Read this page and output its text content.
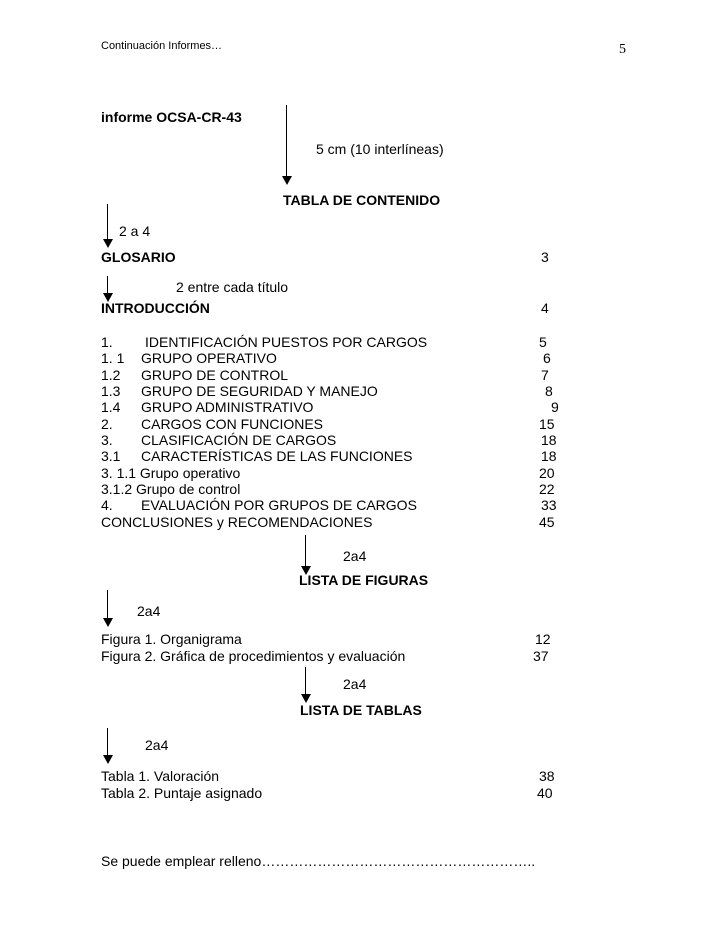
Continuación Informes…	5
informe OCSA-CR-43
5 cm (10 interlíneas)
TABLA DE CONTENIDO
2 a 4
GLOSARIO	3
2 entre cada título
INTRODUCCIÓN	4
1. IDENTIFICACIÓN PUESTOS POR CARGOS	5
1. 1 GRUPO OPERATIVO	6
1.2 GRUPO DE CONTROL	7
1.3 GRUPO DE SEGURIDAD Y MANEJO	8
1.4 GRUPO ADMINISTRATIVO	9
2. CARGOS CON FUNCIONES	15
3. CLASIFICACIÓN DE CARGOS	18
3.1 CARACTERÍSTICAS DE LAS FUNCIONES	18
3. 1.1 Grupo operativo	20
3.1.2 Grupo de control	22
4. EVALUACIÓN POR GRUPOS DE CARGOS	33
CONCLUSIONES y RECOMENDACIONES	45
2a4
LISTA DE FIGURAS
2a4
Figura 1. Organigrama	12
Figura 2. Gráfica de procedimientos y evaluación	37
2a4
LISTA DE TABLAS
2a4
Tabla 1. Valoración	38
Tabla 2. Puntaje asignado	40
Se puede emplear relleno…………………………………………………..
